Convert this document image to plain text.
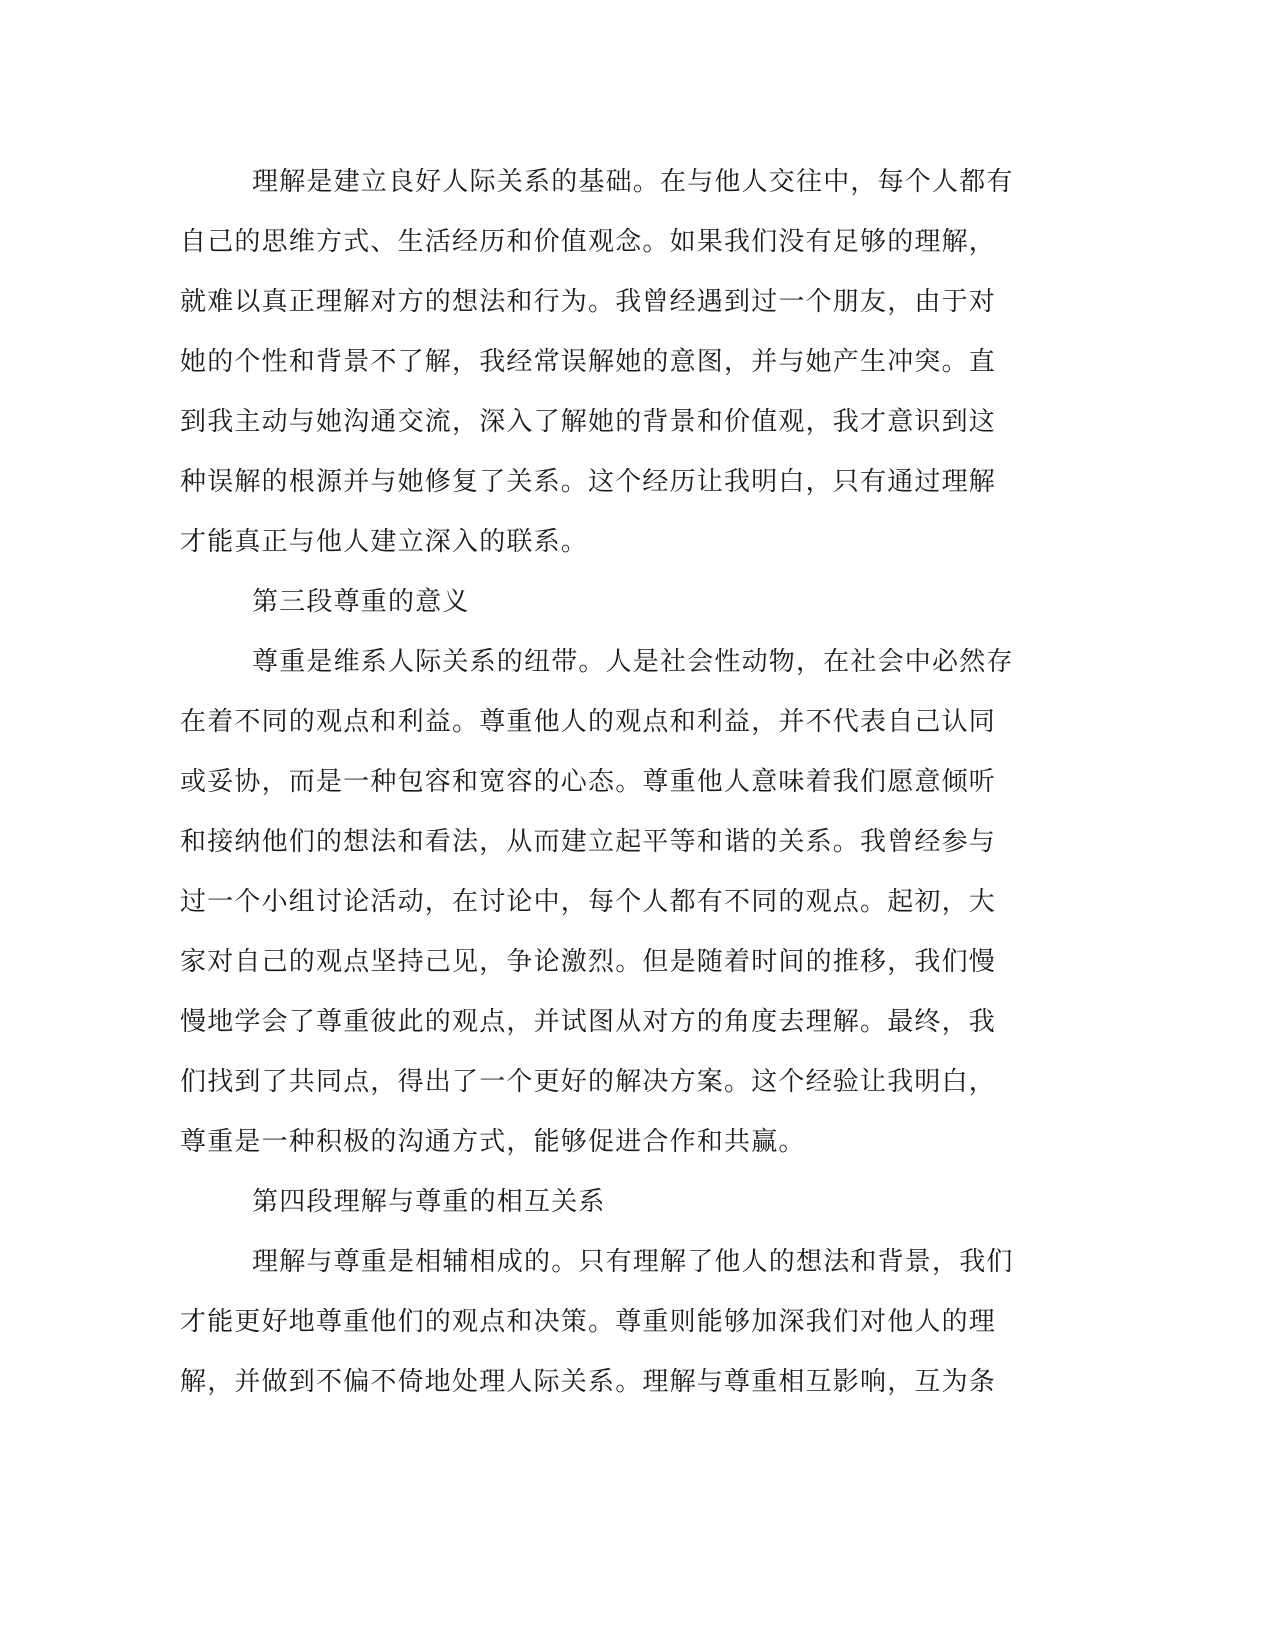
理解是建立良好人际关系的基础。在与他人交往中，每个人都有
自己的思维方式、生活经历和价值观念。如果我们没有足够的理解，
就难以真正理解对方的想法和行为。我曾经遇到过一个朋友，由于对
她的个性和背景不了解，我经常误解她的意图，并与她产生冲突。直
到我主动与她沟通交流，深入了解她的背景和价值观，我才意识到这
种误解的根源并与她修复了关系。这个经历让我明白，只有通过理解
才能真正与他人建立深入的联系。
第三段尊重的意义
尊重是维系人际关系的纽带。人是社会性动物，在社会中必然存
在着不同的观点和利益。尊重他人的观点和利益，并不代表自己认同
或妥协，而是一种包容和宽容的心态。尊重他人意味着我们愿意倾听
和接纳他们的想法和看法，从而建立起平等和谐的关系。我曾经参与
过一个小组讨论活动，在讨论中，每个人都有不同的观点。起初，大
家对自己的观点坚持己见，争论激烈。但是随着时间的推移，我们慢
慢地学会了尊重彼此的观点，并试图从对方的角度去理解。最终，我
们找到了共同点，得出了一个更好的解决方案。这个经验让我明白，
尊重是一种积极的沟通方式，能够促进合作和共赢。
第四段理解与尊重的相互关系
理解与尊重是相辅相成的。只有理解了他人的想法和背景，我们
才能更好地尊重他们的观点和决策。尊重则能够加深我们对他人的理
解，并做到不偏不倚地处理人际关系。理解与尊重相互影响，互为条
